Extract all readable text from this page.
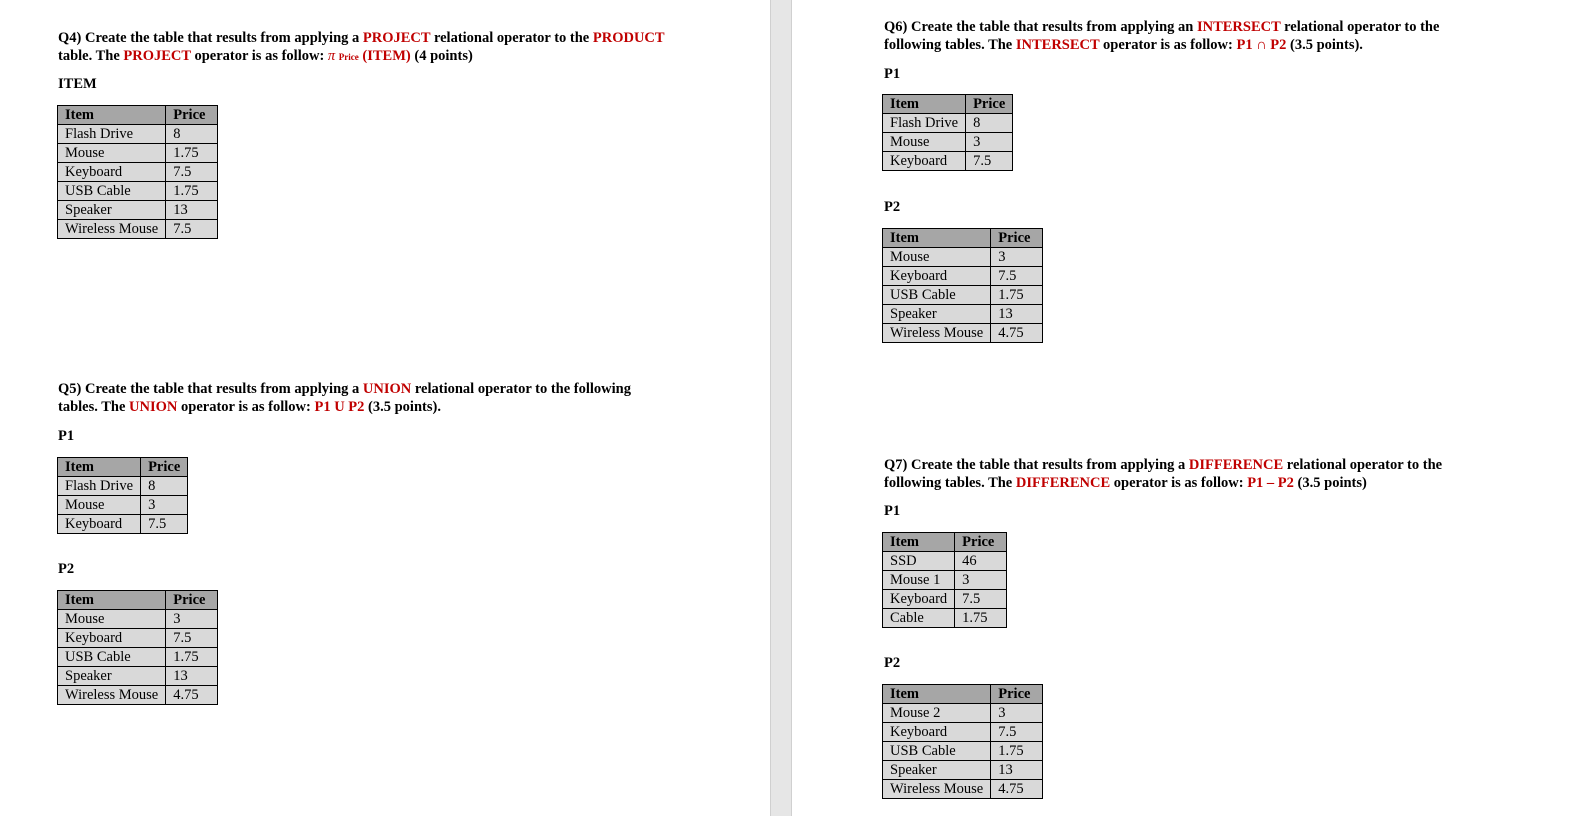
Q4) Create the table that results from applying a PROJECT relational operator to the PRODUCT
table. The PROJECT operator is as follow: π Price (ITEM) (4 points)
ITEM
Item	Price
Flash Drive	8
Mouse	1.75
Keyboard	7.5
USB Cable	1.75
Speaker	13
Wireless Mouse	7.5
Q5) Create the table that results from applying a UNION relational operator to the following
tables. The UNION operator is as follow: P1 U P2 (3.5 points).
P1
Item	Price
Flash Drive	8
Mouse	3
Keyboard	7.5
P2
Item	Price
Mouse	3
Keyboard	7.5
USB Cable	1.75
Speaker	13
Wireless Mouse	4.75
Q6) Create the table that results from applying an INTERSECT relational operator to the
following tables. The INTERSECT operator is as follow: P1 ∩ P2 (3.5 points).
P1
Item	Price
Flash Drive	8
Mouse	3
Keyboard	7.5
P2
Item	Price
Mouse	3
Keyboard	7.5
USB Cable	1.75
Speaker	13
Wireless Mouse	4.75
Q7) Create the table that results from applying a DIFFERENCE relational operator to the
following tables. The DIFFERENCE operator is as follow: P1 – P2 (3.5 points)
P1
Item	Price
SSD	46
Mouse 1	3
Keyboard	7.5
Cable	1.75
P2
Item	Price
Mouse 2	3
Keyboard	7.5
USB Cable	1.75
Speaker	13
Wireless Mouse	4.75
